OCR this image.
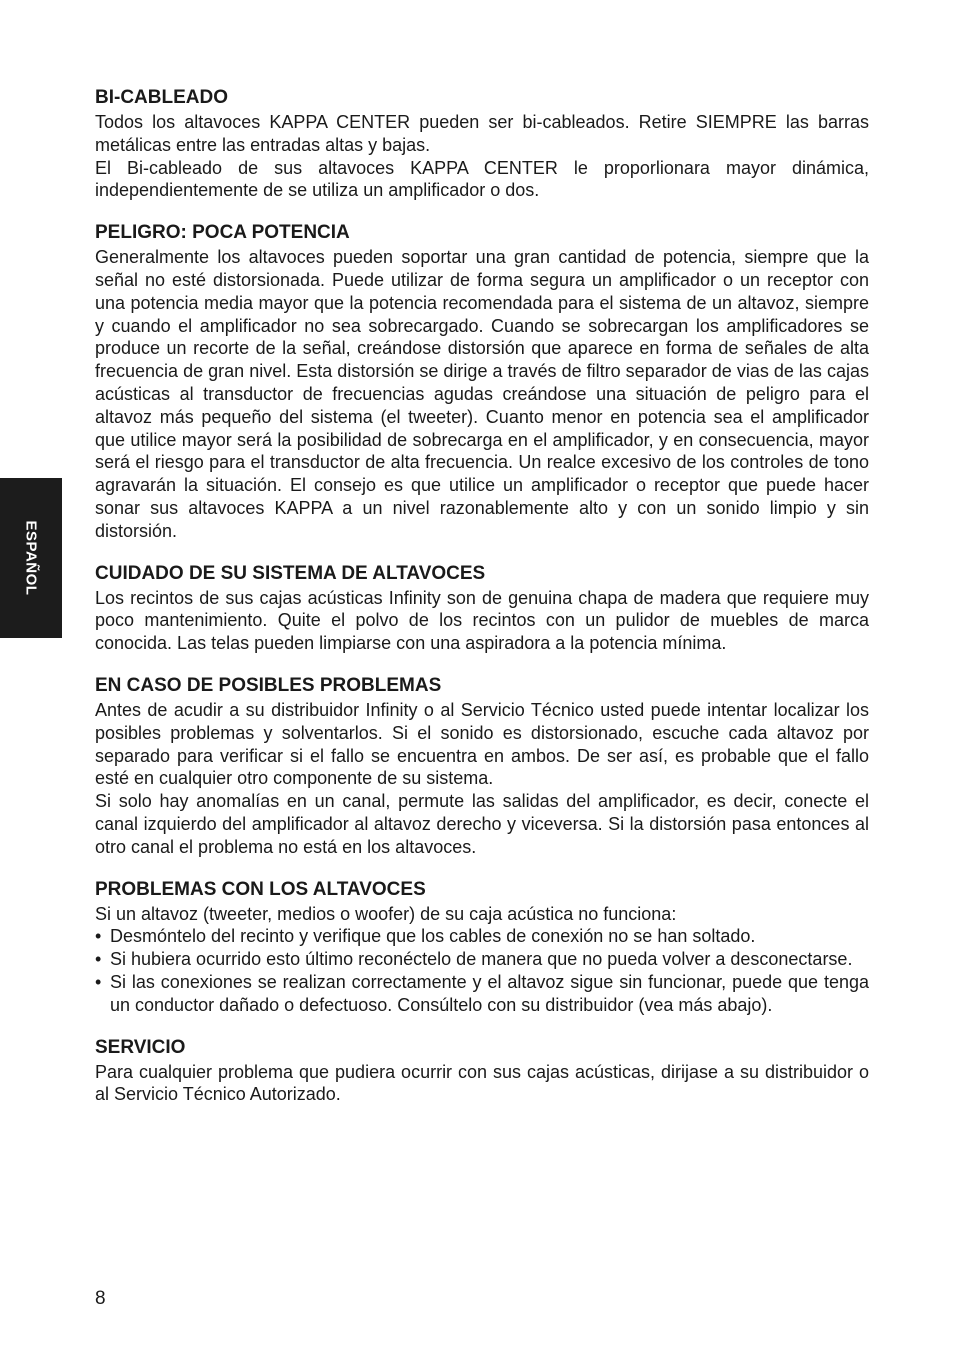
ESPAÑOL
BI-CABLEADO

Todos los altavoces KAPPA CENTER pueden ser bi-cableados. Retire SIEMPRE las barras metálicas entre las entradas altas y bajas.

El Bi-cableado de sus altavoces KAPPA CENTER le proporlionara mayor dinámica, independientemente de se utiliza un amplificador o dos.

PELIGRO: POCA POTENCIA

Generalmente los altavoces pueden soportar una gran cantidad de potencia, siempre que la señal no esté distorsionada. Puede utilizar de forma segura un amplificador o un receptor con una potencia media mayor que la potencia recomendada para el sistema de un altavoz, siempre y cuando el amplificador no sea sobrecargado. Cuando se sobrecargan los amplificadores se produce un recorte de la señal, creándose distorsión que aparece en forma de señales de alta frecuencia de gran nivel. Esta distorsión se dirige a través de filtro separador de vias de las cajas acústicas al transductor de frecuencias agudas creándose una situación de peligro para el altavoz más pequeño del sistema (el tweeter). Cuanto menor en potencia sea el amplificador que utilice mayor será la posibilidad de sobrecarga en el amplificador, y en consecuencia, mayor será el riesgo para el transductor de alta frecuencia. Un realce excesivo de los controles de tono agravarán la situación. El consejo es que utilice un amplificador o receptor que puede hacer sonar sus altavoces KAPPA a un nivel razonablemente alto y con un sonido limpio y sin distorsión.

CUIDADO DE SU SISTEMA DE ALTAVOCES

Los recintos de sus cajas acústicas Infinity son de genuina chapa de madera que requiere muy poco mantenimiento. Quite el polvo de los recintos con un pulidor de muebles de marca conocida. Las telas pueden limpiarse con una aspiradora a la potencia mínima.

EN CASO DE POSIBLES PROBLEMAS

Antes de acudir a su distribuidor Infinity o al Servicio Técnico usted puede intentar localizar los posibles problemas y solventarlos. Si el sonido es distorsionado, escuche cada altavoz por separado para verificar si el fallo se encuentra en ambos. De ser así, es probable que el fallo esté en cualquier otro componente de su sistema.

Si solo hay anomalías en un canal, permute las salidas del amplificador, es decir, conecte el canal izquierdo del amplificador al altavoz derecho y viceversa. Si la distorsión pasa entonces al otro canal el problema no está en los altavoces.

PROBLEMAS CON LOS ALTAVOCES

Si un altavoz (tweeter, medios o woofer) de su caja acústica no funciona:

• Desmóntelo del recinto y verifique que los cables de conexión no se han soltado.
• Si hubiera ocurrido esto último reconéctelo de manera que no pueda volver a desconectarse.
• Si las conexiones se realizan correctamente y el altavoz sigue sin funcionar, puede que tenga un conductor dañado o defectuoso. Consúltelo con su distribuidor (vea más abajo).
SERVICIO

Para cualquier problema que pudiera ocurrir con sus cajas acústicas, dirijase a su distribuidor o al Servicio Técnico Autorizado.

8
